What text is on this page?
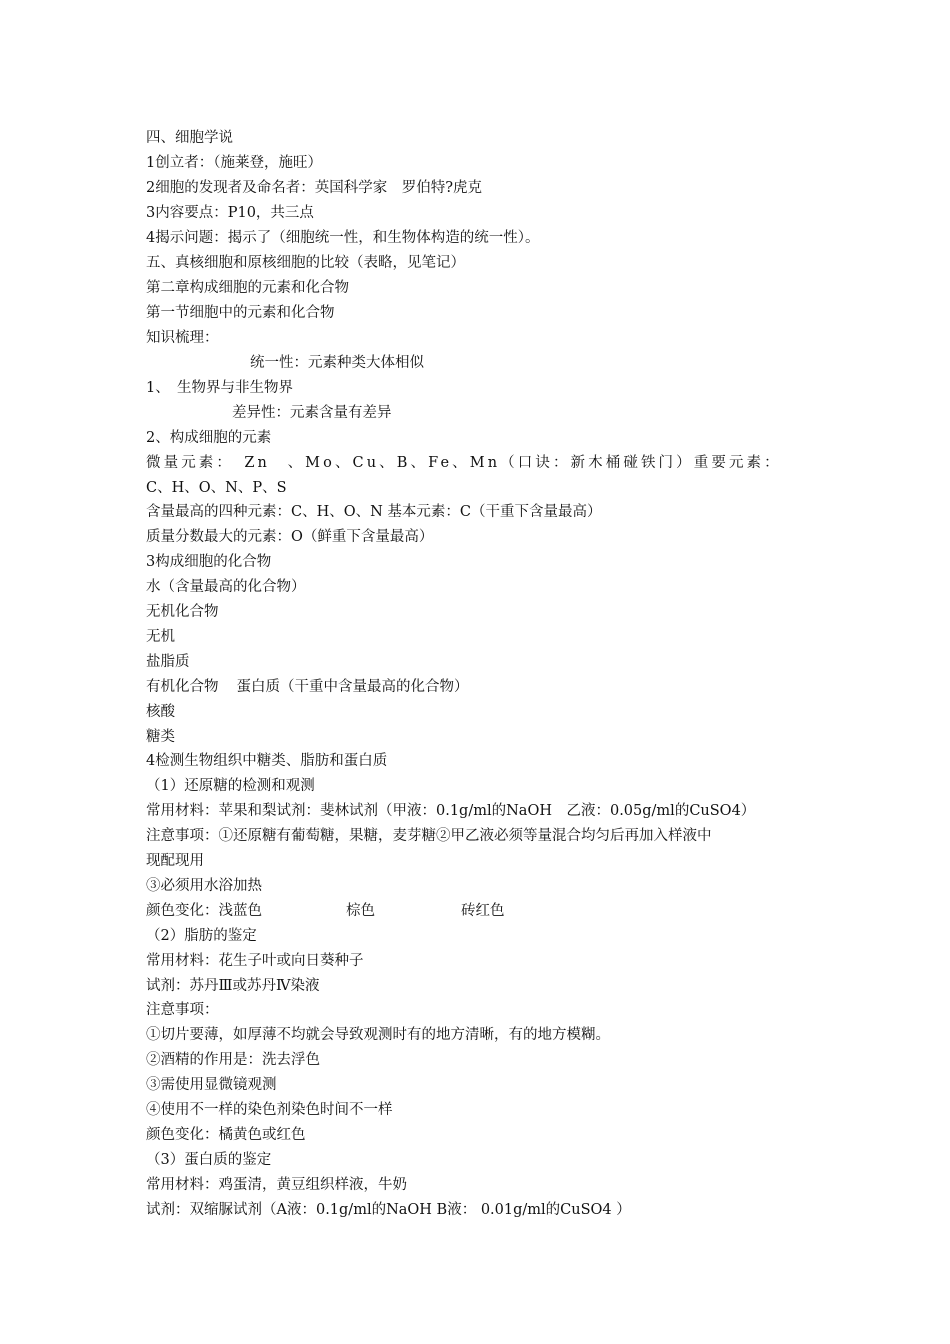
四、细胞学说
1创立者：（施莱登，施旺）
2细胞的发现者及命名者：英国科学家　罗伯特?虎克
3内容要点：P10，共三点
4揭示问题：揭示了（细胞统一性，和生物体构造的统一性）。
五、真核细胞和原核细胞的比较（表略，见笔记）
第二章构成细胞的元素和化合物
第一节细胞中的元素和化合物
知识梳理：
统一性：元素种类大体相似
1、　生物界与非生物界
差异性：元素含量有差异
2、构成细胞的元素
微量元素：　Zn　、Mo、Cu、B、Fe、Mn（口诀：新木桶碰铁门）重要元素：
C、H、O、N、P、S
含量最高的四种元素：C、H、O、N 基本元素：C（干重下含量最高）
质量分数最大的元素：O（鲜重下含量最高）
3构成细胞的化合物
水（含量最高的化合物）
无机化合物
无机
盐脂质
有机化合物 蛋白质（干重中含量最高的化合物）
核酸
糖类
4检测生物组织中糖类、脂肪和蛋白质
（1）还原糖的检测和观测
常用材料：苹果和梨试剂：斐林试剂（甲液：0.1g/ml的NaOH　乙液：0.05g/ml的CuSO4）
注意事项：①还原糖有葡萄糖，果糖，麦芽糖②甲乙液必须等量混合均匀后再加入样液中
现配现用
③必须用水浴加热
颜色变化：浅蓝色	棕色	砖红色
（2）脂肪的鉴定
常用材料：花生子叶或向日葵种子
试剂：苏丹Ⅲ或苏丹Ⅳ染液
注意事项：
①切片要薄，如厚薄不均就会导致观测时有的地方清晰，有的地方模糊。
②酒精的作用是：洗去浮色
③需使用显微镜观测
④使用不一样的染色剂染色时间不一样
颜色变化：橘黄色或红色
（3）蛋白质的鉴定
常用材料：鸡蛋清，黄豆组织样液，牛奶
试剂：双缩脲试剂（A液：0.1g/ml的NaOH B液： 0.01g/ml的CuSO4 ）
